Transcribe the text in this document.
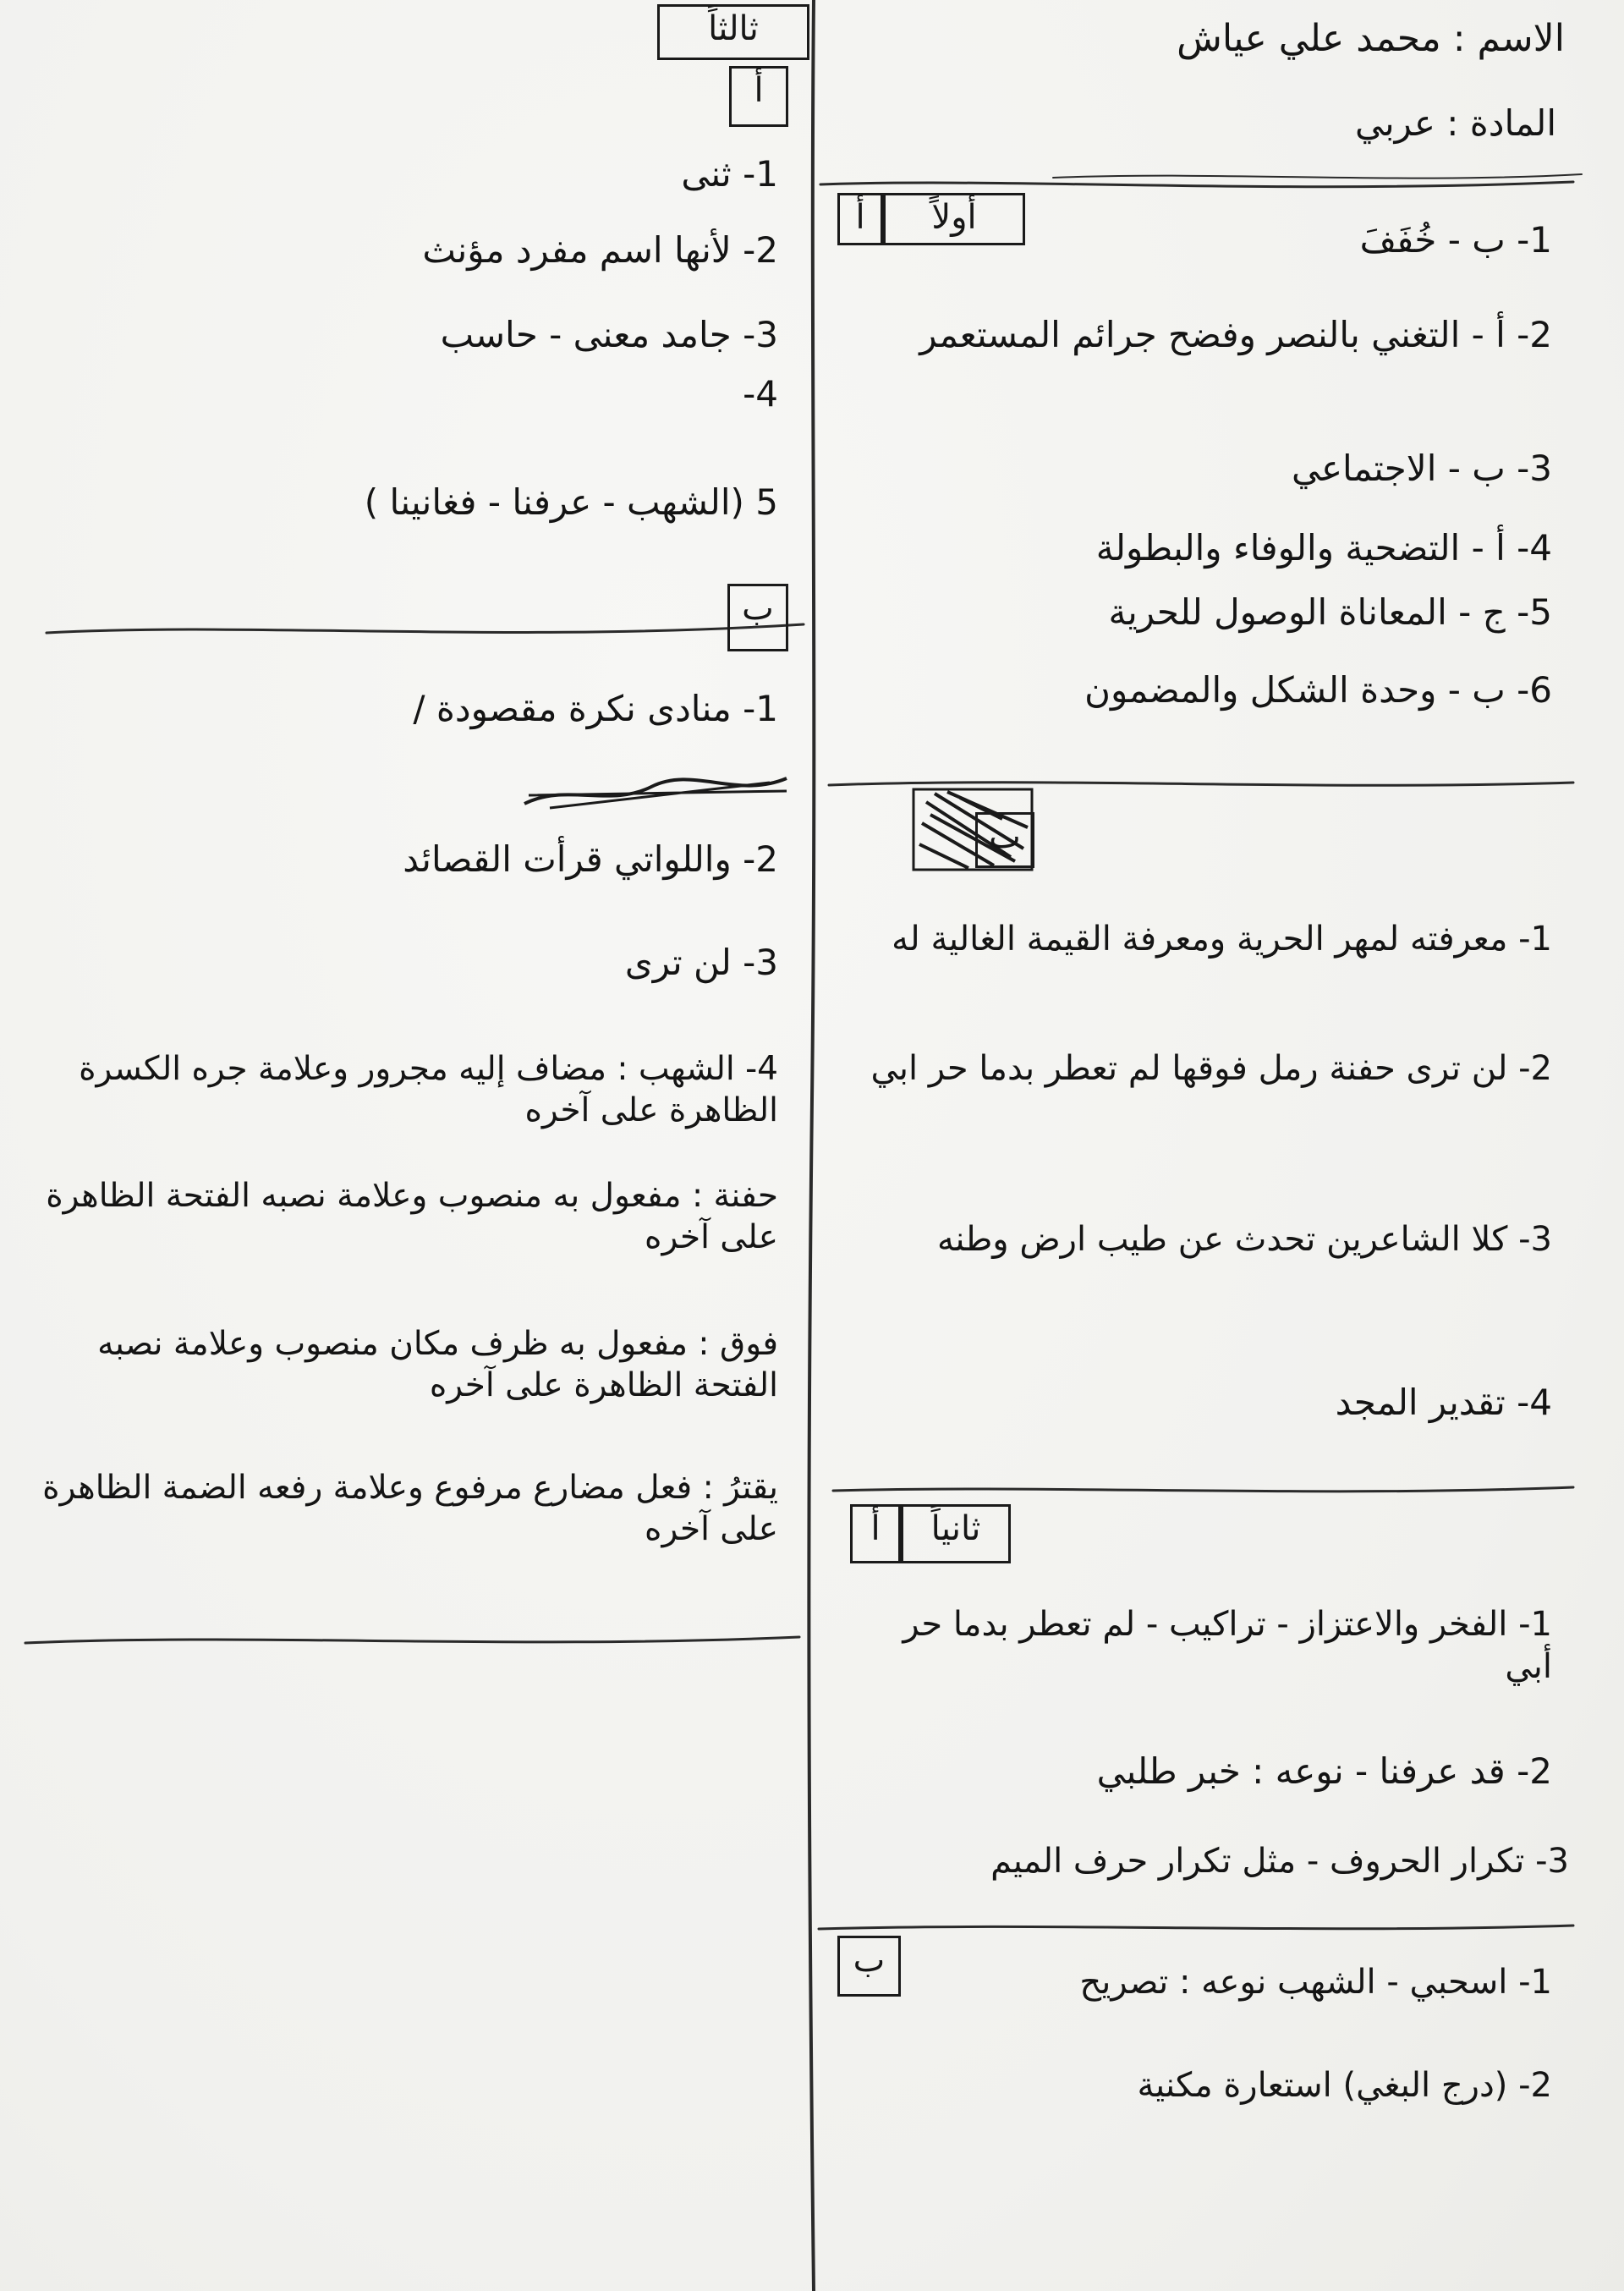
الاسم : محمد علي عياش
المادة : عربي
أولاً
أ
1- ب - خُفَفَ
2- أ - التغني بالنصر وفضح جرائم المستعمر
3- ب - الاجتماعي
4- أ - التضحية والوفاء والبطولة
5- ج - المعاناة الوصول للحرية
6- ب - وحدة الشكل والمضمون
ب
1- معرفته لمهر الحرية ومعرفة القيمة الغالية له
2- لن ترى حفنة رمل فوقها لم تعطر بدما حر ابي
3- كلا الشاعرين تحدث عن طيب ارض وطنه
4- تقدير المجد
ثانياً
أ
1- الفخر والاعتزاز - تراكيب - لم تعطر بدما حر أبي
2- قد عرفنا - نوعه : خبر طلبي
3- تكرار الحروف - مثل تكرار حرف الميم
ب
1- اسحبي - الشهب نوعه : تصريح
2- (درج البغي) استعارة مكنية
ثالثاً
أ
1- ثنى
2- لأنها اسم مفرد مؤنث
3- جامد معنى - حاسب
4-
5 (الشهب - عرفنا - فغانينا )
ب
1- منادى نكرة مقصودة /
2- واللواتي قرأت القصائد
3- لن ترى
4- الشهب : مضاف إليه مجرور وعلامة جره الكسرة الظاهرة على آخره
حفنة : مفعول به منصوب وعلامة نصبه الفتحة الظاهرة على آخره
فوق : مفعول به ظرف مكان منصوب وعلامة نصبه الفتحة الظاهرة على آخره
يقترُ : فعل مضارع مرفوع وعلامة رفعه الضمة الظاهرة على آخره
